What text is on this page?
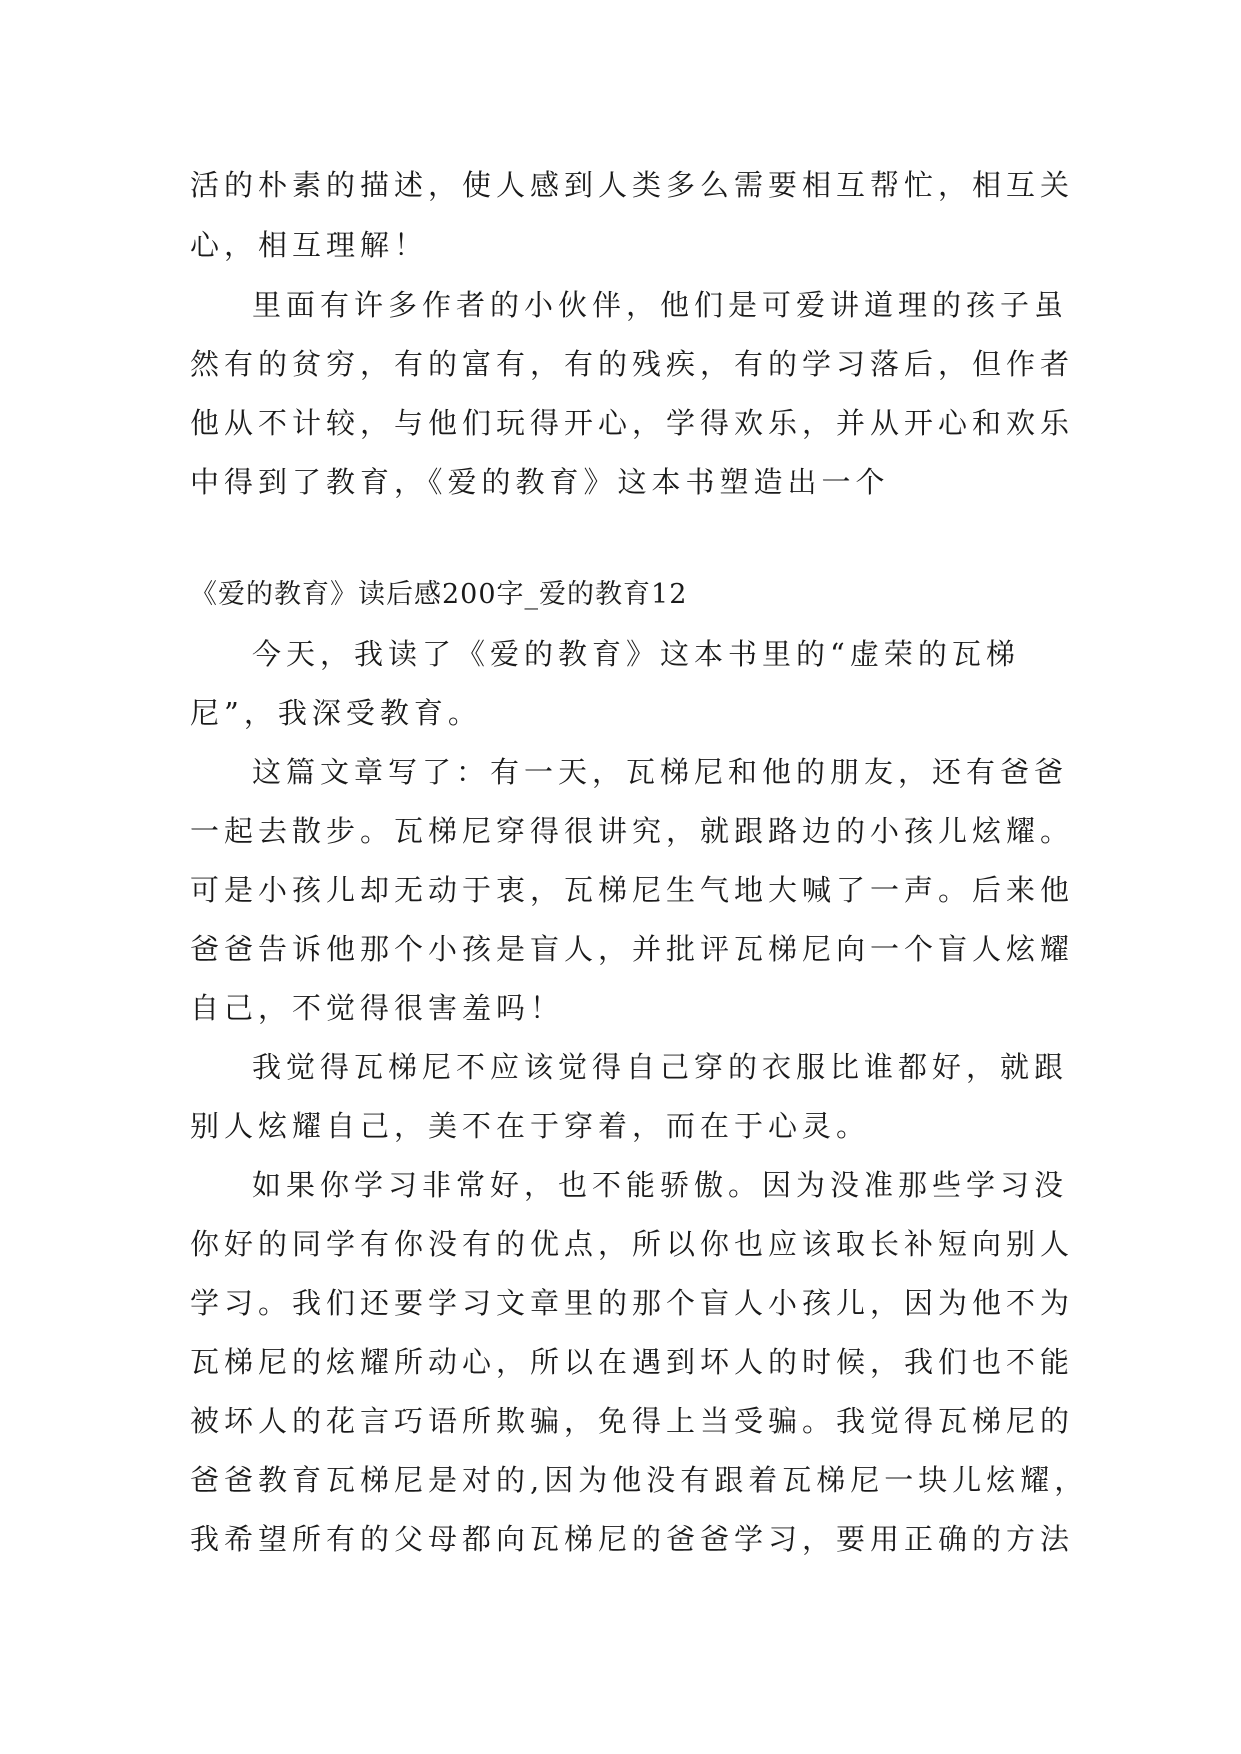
活的朴素的描述，使人感到人类多么需要相互帮忙，相互关
心，相互理解！
里面有许多作者的小伙伴，他们是可爱讲道理的孩子虽
然有的贫穷，有的富有，有的残疾，有的学习落后，但作者
他从不计较，与他们玩得开心，学得欢乐，并从开心和欢乐
中得到了教育，《爱的教育》这本书塑造出一个
《爱的教育》读后感200字_爱的教育12
今天，我读了《爱的教育》这本书里的“虚荣的瓦梯
尼”，我深受教育。
这篇文章写了：有一天，瓦梯尼和他的朋友，还有爸爸
一起去散步。瓦梯尼穿得很讲究，就跟路边的小孩儿炫耀。
可是小孩儿却无动于衷，瓦梯尼生气地大喊了一声。后来他
爸爸告诉他那个小孩是盲人，并批评瓦梯尼向一个盲人炫耀
自己，不觉得很害羞吗！
我觉得瓦梯尼不应该觉得自己穿的衣服比谁都好，就跟
别人炫耀自己，美不在于穿着，而在于心灵。
如果你学习非常好，也不能骄傲。因为没准那些学习没
你好的同学有你没有的优点，所以你也应该取长补短向别人
学习。我们还要学习文章里的那个盲人小孩儿，因为他不为
瓦梯尼的炫耀所动心，所以在遇到坏人的时候，我们也不能
被坏人的花言巧语所欺骗，免得上当受骗。我觉得瓦梯尼的
爸爸教育瓦梯尼是对的,因为他没有跟着瓦梯尼一块儿炫耀，
我希望所有的父母都向瓦梯尼的爸爸学习，要用正确的方法
